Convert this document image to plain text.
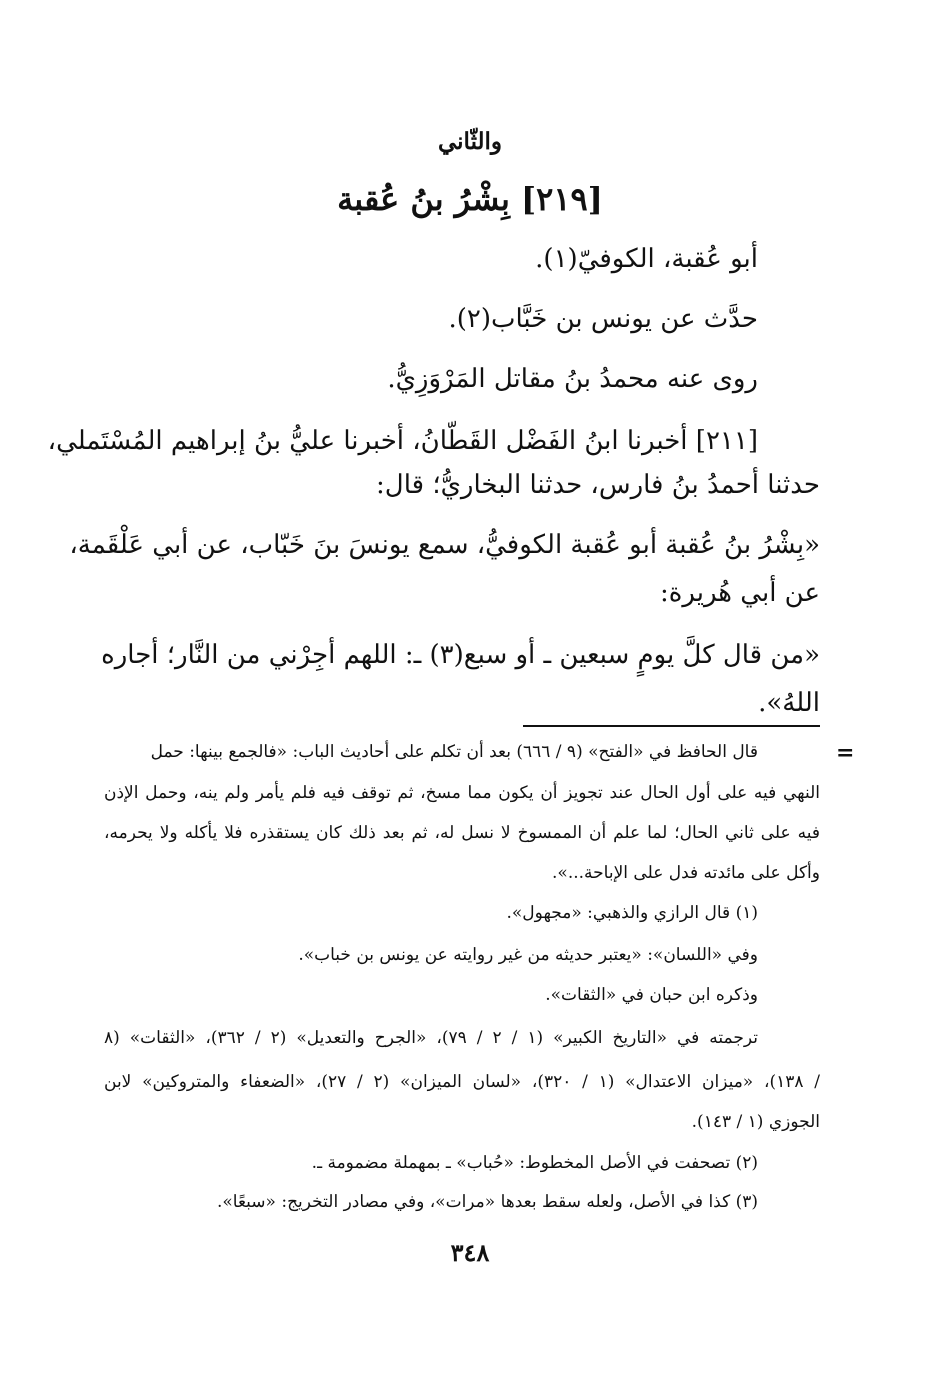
والثّاني
[٢١٩] بِشْرُ بنُ عُقبة
أبو عُقبة، الكوفيّ(١).
حدَّث عن يونس بن خَبَّاب(٢).
روى عنه محمدُ بنُ مقاتل المَرْوَزِيُّ.
[٢١١] أخبرنا ابنُ الفَضْل القَطّانُ، أخبرنا عليُّ بنُ إبراهيم المُسْتَملي،
حدثنا أحمدُ بنُ فارس، حدثنا البخاريُّ؛ قال:
«بِشْرُ بنُ عُقبة أبو عُقبة الكوفيُّ، سمع يونسَ بنَ خَبّاب، عن أبي عَلْقَمة،
عن أبي هُريرة:
«من قال كلَّ يومٍ سبعين ـ أو سبع(٣) ـ: اللهم أجِرْني من النَّار؛ أجاره
اللهُ».
=
قال الحافظ في «الفتح» (٩ / ٦٦٦) بعد أن تكلم على أحاديث الباب: «فالجمع بينها: حمل
النهي فيه على أول الحال عند تجويز أن يكون مما مسخ، ثم توقف فيه فلم يأمر ولم ينه، وحمل الإذن
فيه على ثاني الحال؛ لما علم أن الممسوخ لا نسل له، ثم بعد ذلك كان يستقذره فلا يأكله ولا يحرمه،
وأكل على مائدته فدل على الإباحة...».
(١) قال الرازي والذهبي: «مجهول».
وفي «اللسان»: «يعتبر حديثه من غير روايته عن يونس بن خباب».
وذكره ابن حبان في «الثقات».
ترجمته في «التاريخ الكبير» (١ / ٢ / ٧٩)، «الجرح والتعديل» (٢ / ٣٦٢)، «الثقات» (٨
/ ١٣٨)، «ميزان الاعتدال» (١ / ٣٢٠)، «لسان الميزان» (٢ / ٢٧)، «الضعفاء والمتروكين» لابن
الجوزي (١ / ١٤٣).
(٢) تصحفت في الأصل المخطوط: «حُباب» ـ بمهملة مضمومة ـ.
(٣) كذا في الأصل، ولعله سقط بعدها «مرات»، وفي مصادر التخريج: «سبعًا».
٣٤٨
